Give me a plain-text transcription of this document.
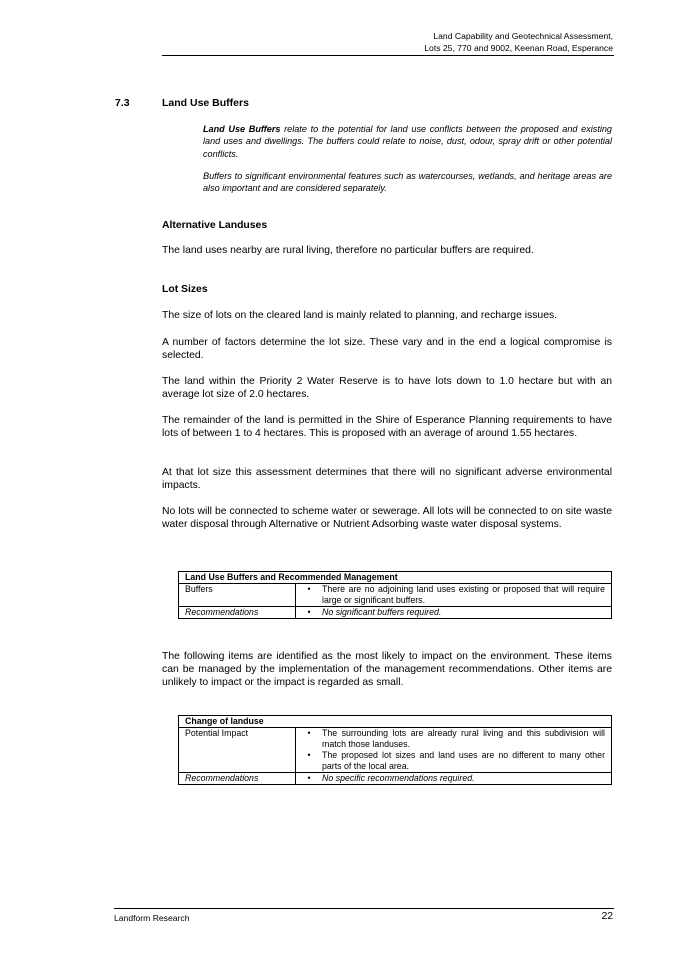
Land Capability and Geotechnical Assessment,
Lots 25, 770 and 9002, Keenan Road, Esperance
7.3	Land Use Buffers

Land Use Buffers relate to the potential for land use conflicts between the proposed and existing land uses and dwellings. The buffers could relate to noise, dust, odour, spray drift or other potential conflicts.

Buffers to significant environmental features such as watercourses, wetlands, and heritage areas are also important and are considered separately.

Alternative Landuses

The land uses nearby are rural living, therefore no particular buffers are required.

Lot Sizes

The size of lots on the cleared land is mainly related to planning, and recharge issues.

A number of factors determine the lot size. These vary and in the end a logical compromise is selected.

The land within the Priority 2 Water Reserve is to have lots down to 1.0 hectare but with an average lot size of 2.0 hectares.

The remainder of the land is permitted in the Shire of Esperance Planning requirements to have lots of between 1 to 4 hectares. This is proposed with an average of around 1.55 hectares.

At that lot size this assessment determines that there will no significant adverse environmental impacts.

No lots will be connected to scheme water or sewerage. All lots will be connected to on site waste water disposal through Alternative or Nutrient Adsorbing waste water disposal systems.

Land Use Buffers and Recommended Management	
Buffers	• There are no adjoining land uses existing or proposed that will require large or significant buffers.

Recommendations	• No significant buffers required.

The following items are identified as the most likely to impact on the environment. These items can be managed by the implementation of the management recommendations. Other items are unlikely to impact or the impact is regarded as small.

Change of landuse	
Potential Impact	• The surrounding lots are already rural living and this subdivision will match those landuses.
• The proposed lot sizes and land uses are no different to many other parts of the local area.

Recommendations	• No specific recommendations required.
Landform Research	22
